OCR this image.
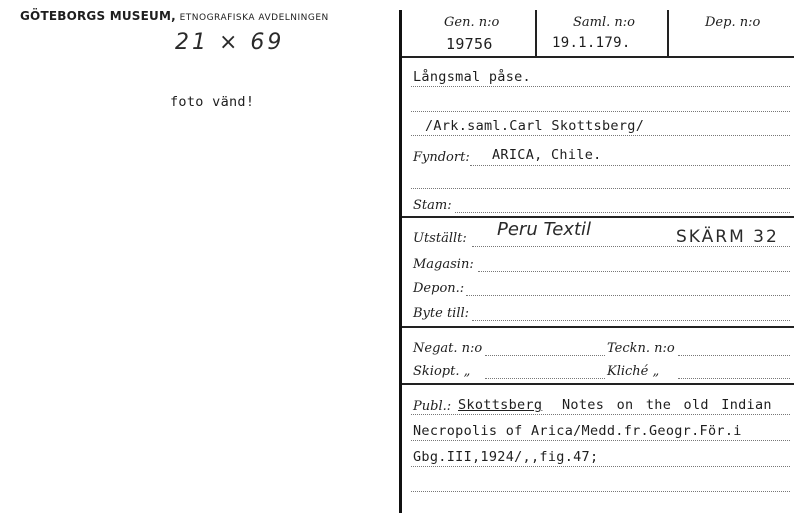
GÖTEBORGS MUSEUM, ETNOGRAFISKA AVDELNINGEN
21 × 69
foto vänd!
Gen. n:o
19756
Saml. n:o
19.1.179.
Dep. n:o
Långsmal påse.
/Ark.saml.Carl Skottsberg/
Fyndort: ARICA, Chile.
Stam:
Utställt: Peru Textil	SKÄRM 32
Magasin:
Depon.:
Byte till:
Negat. n:o	Teckn. n:o
Skiopt. „	Kliché „
Publ.: Skottsberg Notes on the old Indian
Necropolis of Arica/Medd.fr.Geogr.För.i
Gbg.III,1924/,,fig.47;
